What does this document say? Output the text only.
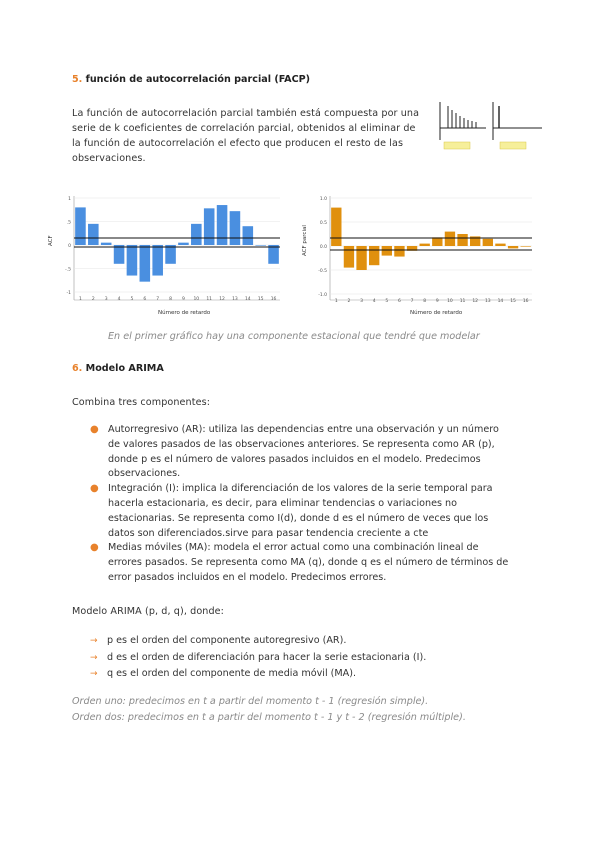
5. función de autocorrelación parcial (FACP)
La función de autocorrelación parcial también está compuesta por una serie de k coeficientes de correlación parcial, obtenidos al eliminar de la función de autocorrelación el efecto que producen el resto de las observaciones.
1
.5
0
-.5
-1
1 2 3 4 5 6 7 8 9 10 11 12 13 14 15 16
ACF
Número de retardo
1.0
0.5
0.0
-0.5
-1.0
1 2 3 4 5 6 7 8 9 10 11 12 13 14 15 16
ACF parcial
Número de retardo
En el primer gráfico hay una componente estacional que tendré que modelar
6. Modelo ARIMA
Combina tres componentes:
● Autorregresivo (AR): utiliza las dependencias entre una observación y un número de valores pasados de las observaciones anteriores. Se representa como AR (p), donde p es el número de valores pasados incluidos en el modelo. Predecimos observaciones.
● Integración (I): implica la diferenciación de los valores de la serie temporal para hacerla estacionaria, es decir, para eliminar tendencias o variaciones no estacionarias. Se representa como I(d), donde d es el número de veces que los datos son diferenciados.sirve para pasar tendencia creciente a cte
● Medias móviles (MA): modela el error actual como una combinación lineal de errores pasados. Se representa como MA (q), donde q es el número de términos de error pasados incluidos en el modelo. Predecimos errores.
Modelo ARIMA (p, d, q), donde:
→ p es el orden del componente autoregresivo (AR).
→ d es el orden de diferenciación para hacer la serie estacionaria (I).
→ q es el orden del componente de media móvil (MA).
Orden uno: predecimos en t a partir del momento t - 1 (regresión simple).
Orden dos: predecimos en t a partir del momento t - 1 y t - 2 (regresión múltiple).
